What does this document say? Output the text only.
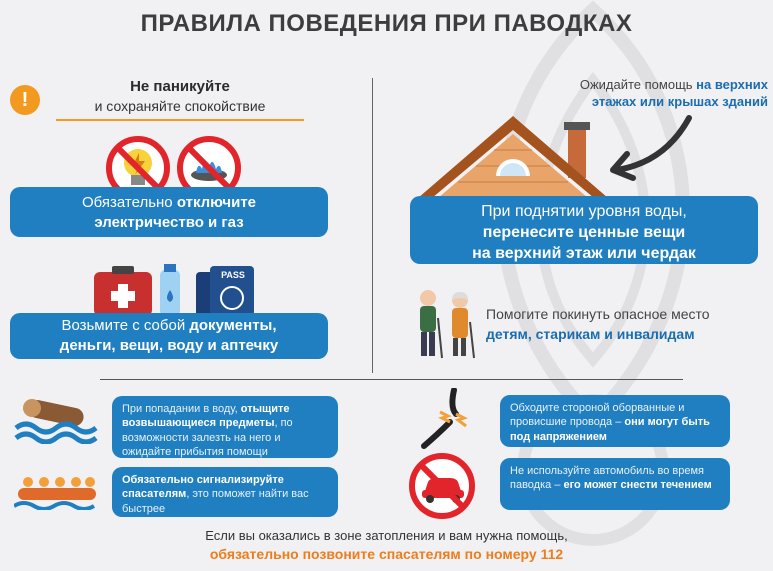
ПРАВИЛА ПОВЕДЕНИЯ ПРИ ПАВОДКАХ
!
Не паникуйте
и сохраняйте спокойствие
Обязательно отключите
электричество и газ
PASS
Возьмите с собой документы,
деньги, вещи, воду и аптечку
Ожидайте помощь на верхних
этажах или крышах зданий
При поднятии уровня воды,
перенесите ценные вещи
на верхний этаж или чердак
Помогите покинуть опасное место
детям, старикам и инвалидам
При попадании в воду, отыщите возвышающиеся предметы, по возможности залезть на него и ожидайте прибытия помощи
Обязательно сигнализируйте спасателям, это поможет найти вас быстрее
Обходите стороной оборванные и провисшие провода – они могут быть под напряжением
Не используйте автомобиль во время паводка – его может снести течением
Если вы оказались в зоне затопления и вам нужна помощь,
обязательно позвоните спасателям по номеру 112
